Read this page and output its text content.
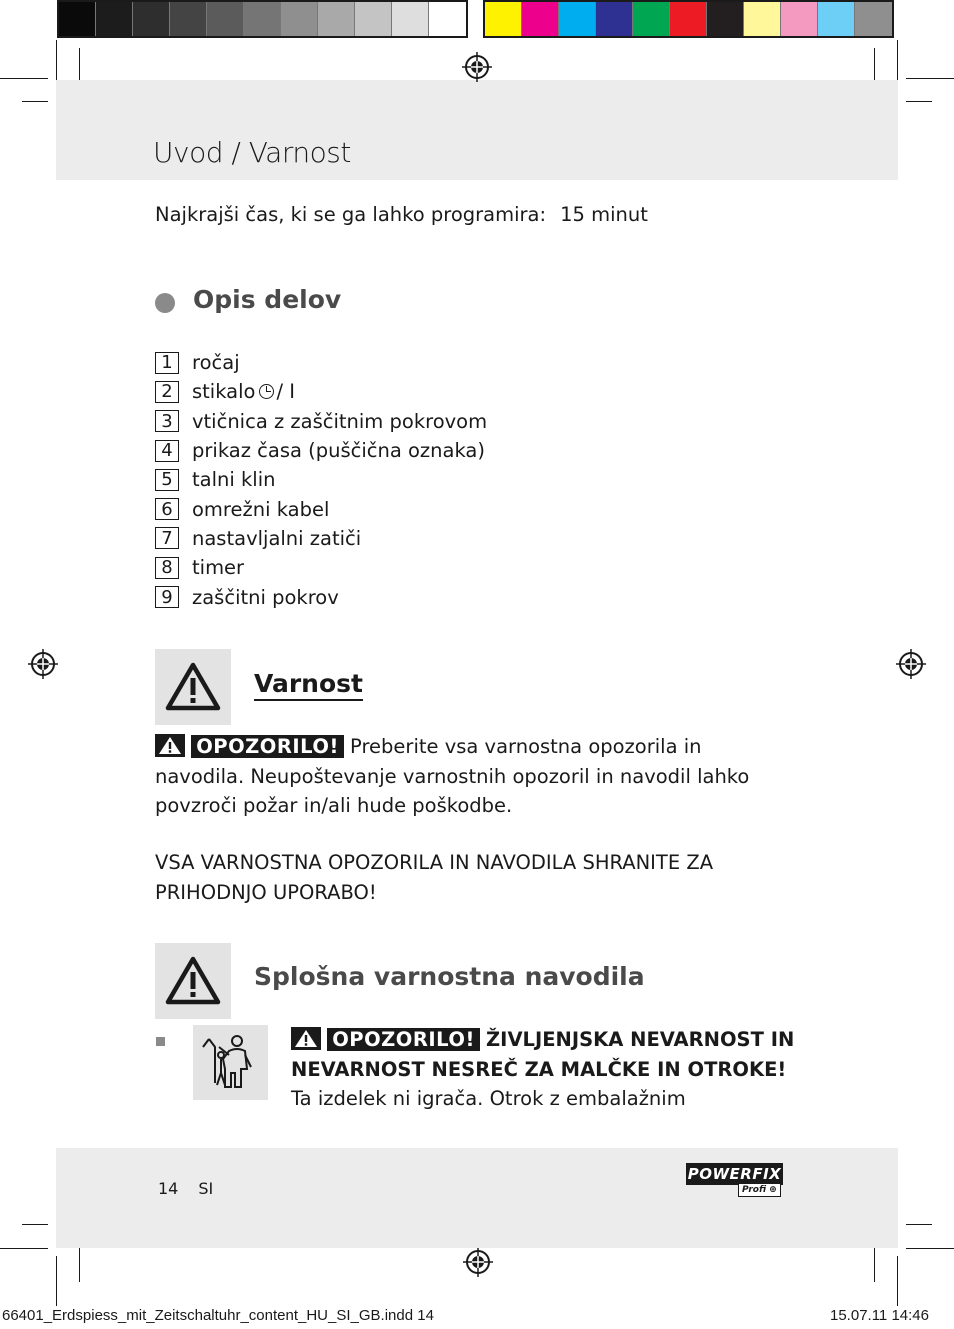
Uvod / Varnost
Najkrajši čas, ki se ga lahko programira: 15 minut
Opis delov
1 ročaj
2 stikalo / I
3 vtičnica z zaščitnim pokrovom
4 prikaz časa (puščična oznaka)
5 talni klin
6 omrežni kabel
7 nastavljalni zatiči
8 timer
9 zaščitni pokrov
Varnost
OPOZORILO! Preberite vsa varnostna opozorila in navodila. Neupoštevanje varnostnih opozoril in navodil lahko povzroči požar in/ali hude poškodbe.
VSA VARNOSTNA OPOZORILA IN NAVODILA SHRANITE ZA PRIHODNJO UPORABO!
Splošna varnostna navodila
OPOZORILO! ŽIVLJENJSKA NEVARNOST IN NEVARNOST NESREČ ZA MALČKE IN OTROKE! Ta izdelek ni igrača. Otrok z embalažnim
14 SI
POWERFIX
Profi ⊕
66401_Erdspiess_mit_Zeitschaltuhr_content_HU_SI_GB.indd 14	15.07.11 14:46
